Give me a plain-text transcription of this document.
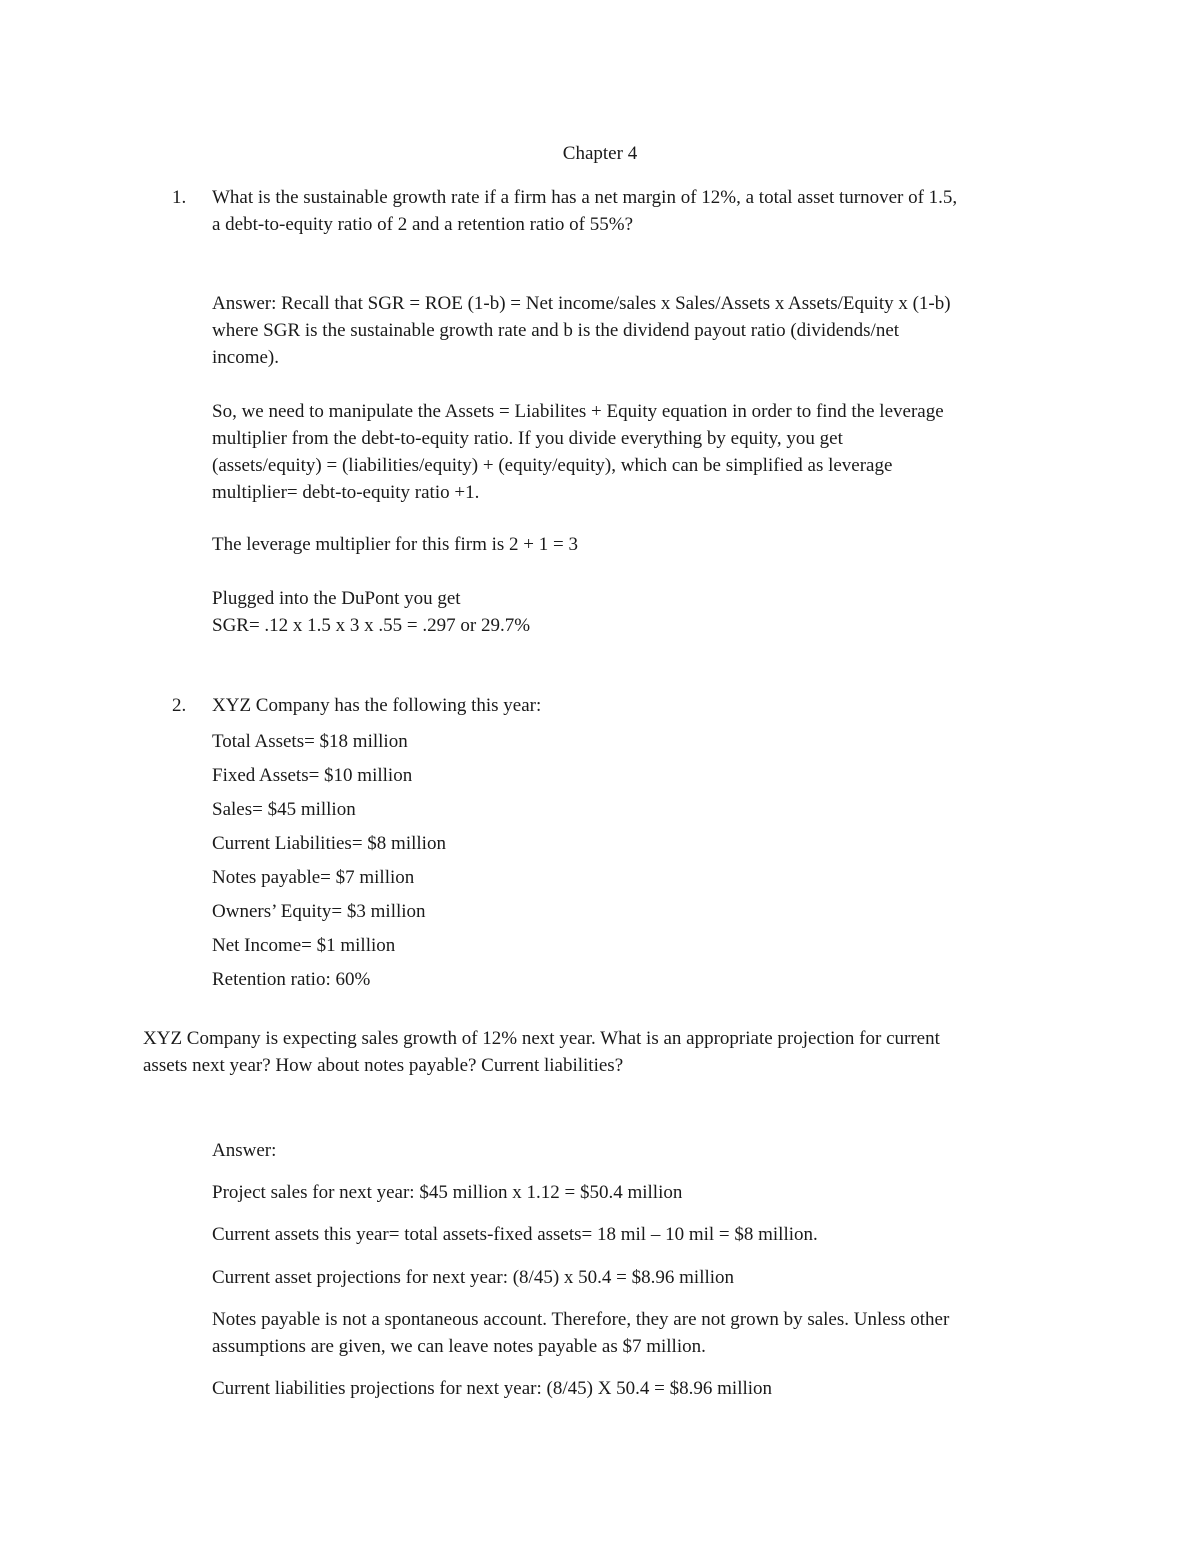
Chapter 4
1. What is the sustainable growth rate if a firm has a net margin of 12%, a total asset turnover of 1.5,
a debt-to-equity ratio of 2 and a retention ratio of 55%?
Answer: Recall that SGR = ROE (1-b) = Net income/sales x Sales/Assets x Assets/Equity x (1-b)
where SGR is the sustainable growth rate and b is the dividend payout ratio (dividends/net
income).
So, we need to manipulate the Assets = Liabilites + Equity equation in order to find the leverage
multiplier from the debt-to-equity ratio. If you divide everything by equity, you get
(assets/equity) = (liabilities/equity) + (equity/equity), which can be simplified as leverage
multiplier= debt-to-equity ratio +1.
The leverage multiplier for this firm is 2 + 1 = 3
Plugged into the DuPont you get
SGR= .12 x 1.5 x 3 x .55 = .297 or 29.7%
2. XYZ Company has the following this year:
Total Assets= $18 million
Fixed Assets= $10 million
Sales= $45 million
Current Liabilities= $8 million
Notes payable= $7 million
Owners’ Equity= $3 million
Net Income= $1 million
Retention ratio: 60%
XYZ Company is expecting sales growth of 12% next year. What is an appropriate projection for current
assets next year? How about notes payable? Current liabilities?
Answer:
Project sales for next year: $45 million x 1.12 = $50.4 million
Current assets this year= total assets-fixed assets= 18 mil – 10 mil = $8 million.
Current asset projections for next year: (8/45) x 50.4 = $8.96 million
Notes payable is not a spontaneous account. Therefore, they are not grown by sales. Unless other
assumptions are given, we can leave notes payable as $7 million.
Current liabilities projections for next year: (8/45) X 50.4 = $8.96 million
